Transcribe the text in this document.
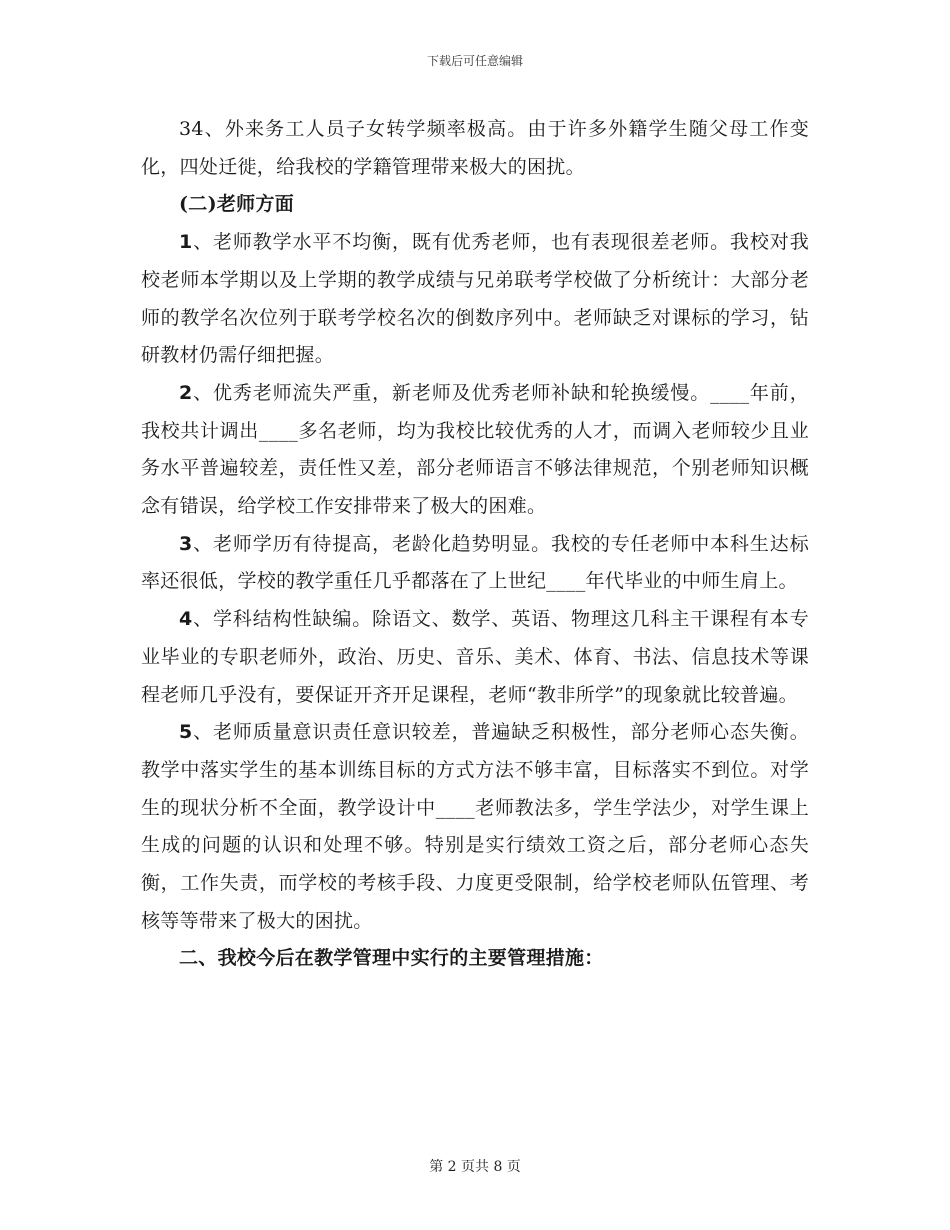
下载后可任意编辑

34、外来务工人员子女转学频率极高。由于许多外籍学生随父母工作变化，四处迁徙，给我校的学籍管理带来极大的困扰。

(二)老师方面

1、老师教学水平不均衡，既有优秀老师，也有表现很差老师。我校对我校老师本学期以及上学期的教学成绩与兄弟联考学校做了分析统计：大部分老师的教学名次位列于联考学校名次的倒数序列中。老师缺乏对课标的学习，钻研教材仍需仔细把握。

2、优秀老师流失严重，新老师及优秀老师补缺和轮换缓慢。____年前，我校共计调出____多名老师，均为我校比较优秀的人才，而调入老师较少且业务水平普遍较差，责任性又差，部分老师语言不够法律规范，个别老师知识概念有错误，给学校工作安排带来了极大的困难。

3、老师学历有待提高，老龄化趋势明显。我校的专任老师中本科生达标率还很低，学校的教学重任几乎都落在了上世纪____年代毕业的中师生肩上。

4、学科结构性缺编。除语文、数学、英语、物理这几科主干课程有本专业毕业的专职老师外，政治、历史、音乐、美术、体育、书法、信息技术等课程老师几乎没有，要保证开齐开足课程，老师“教非所学”的现象就比较普遍。

5、老师质量意识责任意识较差，普遍缺乏积极性，部分老师心态失衡。教学中落实学生的基本训练目标的方式方法不够丰富，目标落实不到位。对学生的现状分析不全面，教学设计中____老师教法多，学生学法少，对学生课上生成的问题的认识和处理不够。特别是实行绩效工资之后，部分老师心态失衡，工作失责，而学校的考核手段、力度更受限制，给学校老师队伍管理、考核等等带来了极大的困扰。

二、我校今后在教学管理中实行的主要管理措施：

第 2 页共 8 页
